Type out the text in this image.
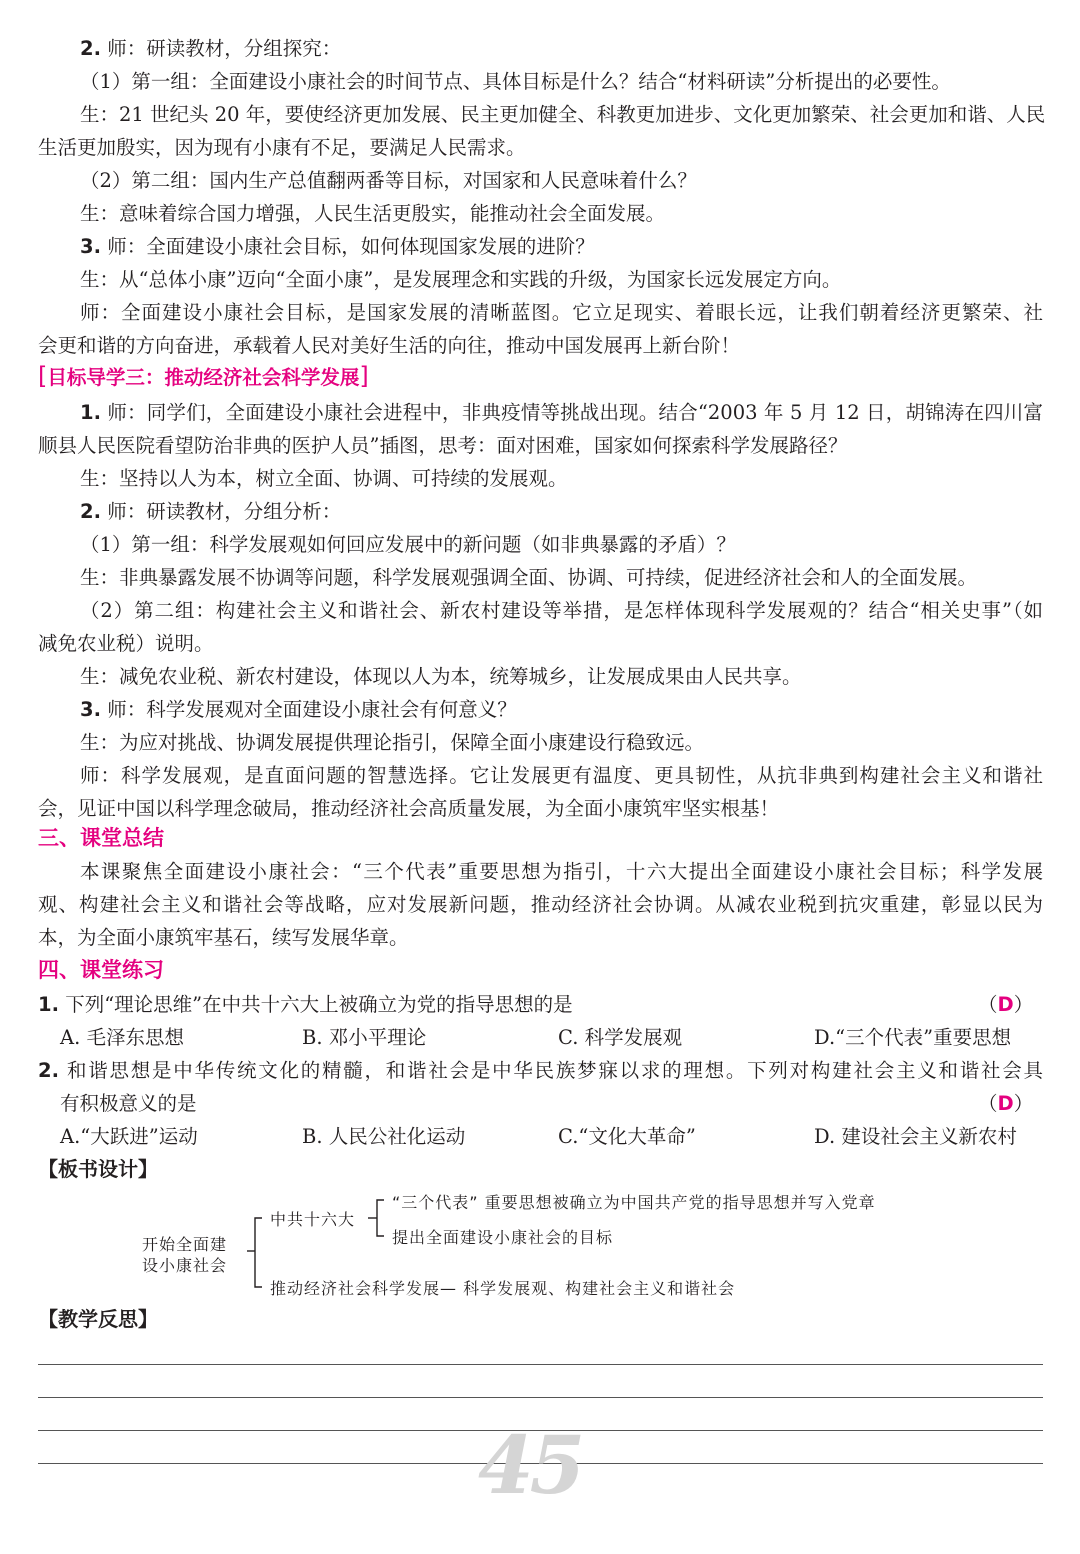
2. 师：研读教材，分组探究：
（1）第一组：全面建设小康社会的时间节点、具体目标是什么？结合“材料研读”分析提出的必要性。
生：21 世纪头 20 年，要使经济更加发展、民主更加健全、科教更加进步、文化更加繁荣、社会更加和谐、人民
生活更加殷实，因为现有小康有不足，要满足人民需求。
（2）第二组：国内生产总值翻两番等目标，对国家和人民意味着什么？
生：意味着综合国力增强，人民生活更殷实，能推动社会全面发展。
3. 师：全面建设小康社会目标，如何体现国家发展的进阶？
生：从“总体小康”迈向“全面小康”，是发展理念和实践的升级，为国家长远发展定方向。
师：全面建设小康社会目标，是国家发展的清晰蓝图。它立足现实、着眼长远，让我们朝着经济更繁荣、社
会更和谐的方向奋进，承载着人民对美好生活的向往，推动中国发展再上新台阶！
[目标导学三：推动经济社会科学发展]
1. 师：同学们，全面建设小康社会进程中，非典疫情等挑战出现。结合“2003 年 5 月 12 日，胡锦涛在四川富
顺县人民医院看望防治非典的医护人员”插图，思考：面对困难，国家如何探索科学发展路径？
生：坚持以人为本，树立全面、协调、可持续的发展观。
2. 师：研读教材，分组分析：
（1）第一组：科学发展观如何回应发展中的新问题（如非典暴露的矛盾）？
生：非典暴露发展不协调等问题，科学发展观强调全面、协调、可持续，促进经济社会和人的全面发展。
（2）第二组：构建社会主义和谐社会、新农村建设等举措，是怎样体现科学发展观的？结合“相关史事”（如
减免农业税）说明。
生：减免农业税、新农村建设，体现以人为本，统筹城乡，让发展成果由人民共享。
3. 师：科学发展观对全面建设小康社会有何意义？
生：为应对挑战、协调发展提供理论指引，保障全面小康建设行稳致远。
师：科学发展观，是直面问题的智慧选择。它让发展更有温度、更具韧性，从抗非典到构建社会主义和谐社
会，见证中国以科学理念破局，推动经济社会高质量发展，为全面小康筑牢坚实根基！
三、课堂总结
本课聚焦全面建设小康社会：“三个代表”重要思想为指引，十六大提出全面建设小康社会目标；科学发展
观、构建社会主义和谐社会等战略，应对发展新问题，推动经济社会协调。从减农业税到抗灾重建，彰显以民为
本，为全面小康筑牢基石，续写发展华章。
四、课堂练习
1. 下列“理论思维”在中共十六大上被确立为党的指导思想的是	（D）
A. 毛泽东思想	B. 邓小平理论	C. 科学发展观	D.“三个代表”重要思想
2. 和谐思想是中华传统文化的精髓，和谐社会是中华民族梦寐以求的理想。下列对构建社会主义和谐社会具
有积极意义的是	（D）
A.“大跃进”运动	B. 人民公社化运动	C.“文化大革命”	D. 建设社会主义新农村
【板书设计】
开始全面建
设小康社会
中共十六大
“三个代表” 重要思想被确立为中国共产党的指导思想并写入党章
提出全面建设小康社会的目标
推动经济社会科学发展— 科学发展观、构建社会主义和谐社会
【教学反思】
45
